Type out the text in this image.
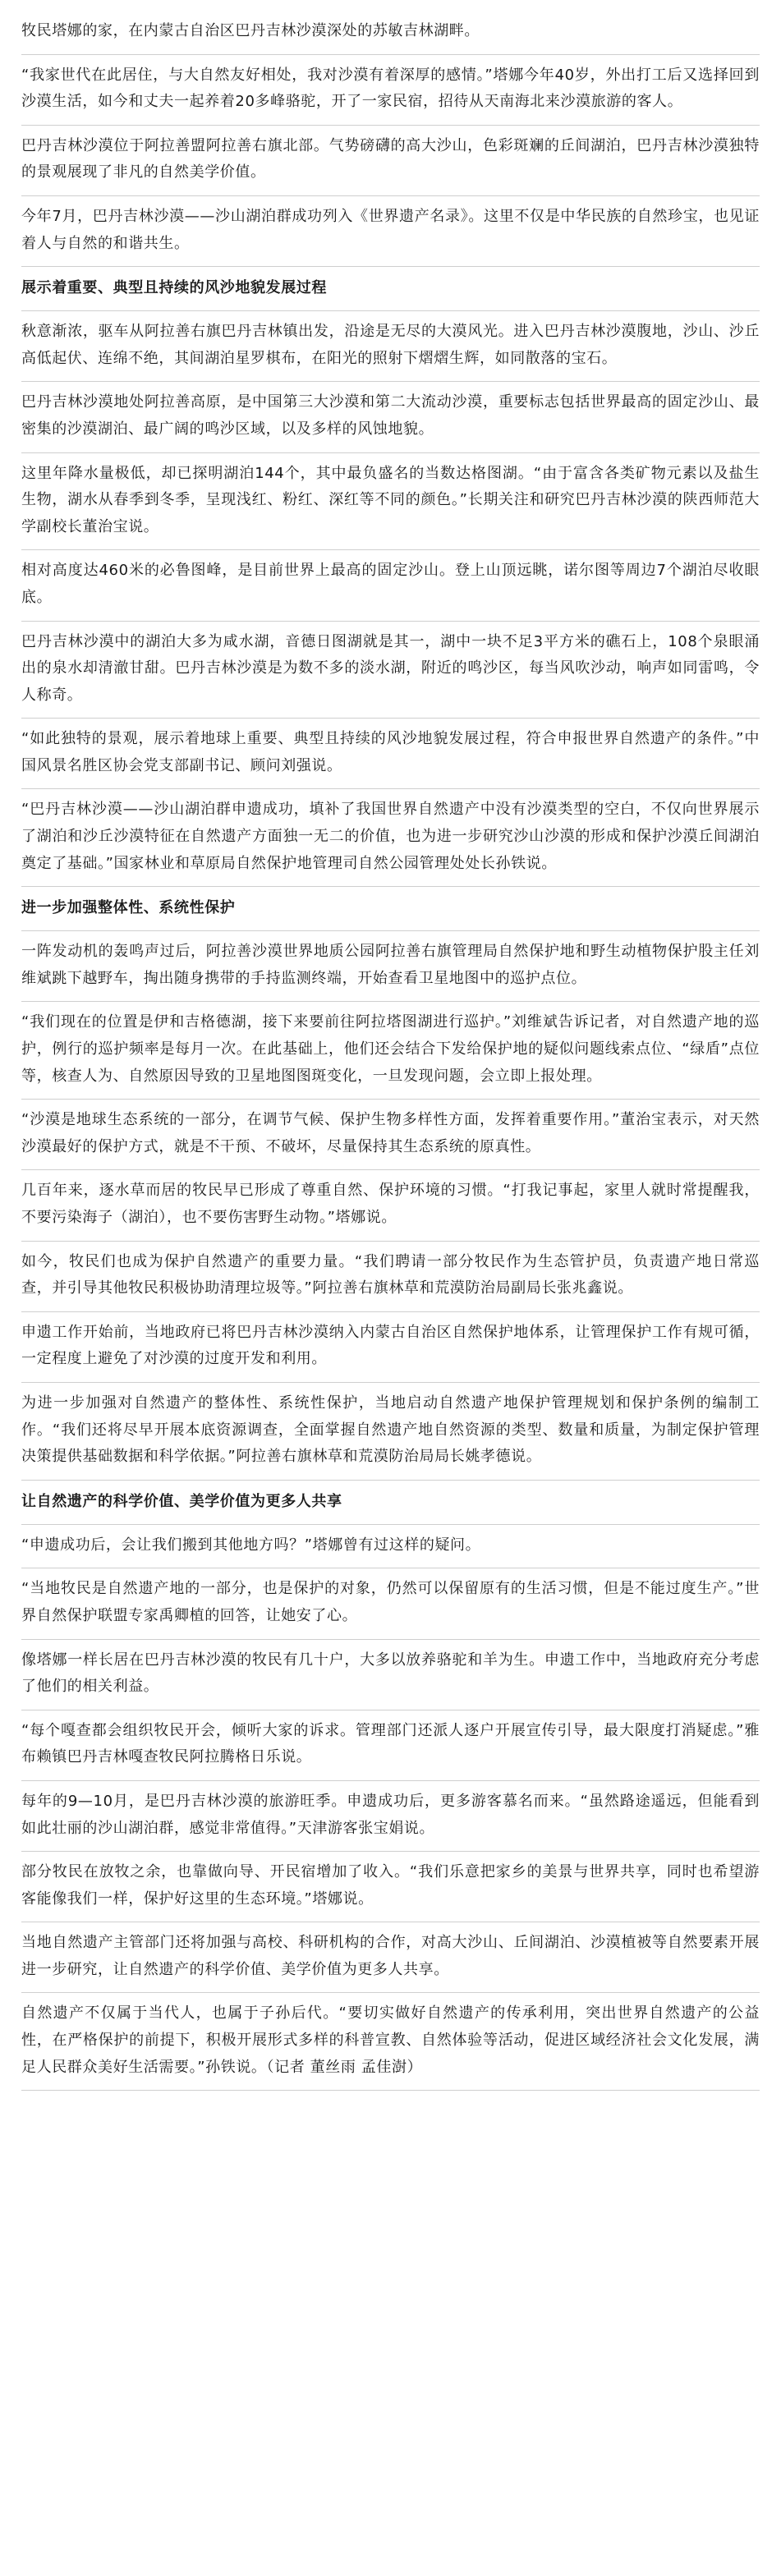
牧民塔娜的家，在内蒙古自治区巴丹吉林沙漠深处的苏敏吉林湖畔。
“我家世代在此居住，与大自然友好相处，我对沙漠有着深厚的感情。”塔娜今年40岁，外出打工后又选择回到沙漠生活，如今和丈夫一起养着20多峰骆驼，开了一家民宿，招待从天南海北来沙漠旅游的客人。
巴丹吉林沙漠位于阿拉善盟阿拉善右旗北部。气势磅礴的高大沙山，色彩斑斓的丘间湖泊，巴丹吉林沙漠独特的景观展现了非凡的自然美学价值。
今年7月，巴丹吉林沙漠——沙山湖泊群成功列入《世界遗产名录》。这里不仅是中华民族的自然珍宝，也见证着人与自然的和谐共生。
展示着重要、典型且持续的风沙地貌发展过程
秋意渐浓，驱车从阿拉善右旗巴丹吉林镇出发，沿途是无尽的大漠风光。进入巴丹吉林沙漠腹地，沙山、沙丘高低起伏、连绵不绝，其间湖泊星罗棋布，在阳光的照射下熠熠生辉，如同散落的宝石。
巴丹吉林沙漠地处阿拉善高原，是中国第三大沙漠和第二大流动沙漠，重要标志包括世界最高的固定沙山、最密集的沙漠湖泊、最广阔的鸣沙区域，以及多样的风蚀地貌。
这里年降水量极低，却已探明湖泊144个，其中最负盛名的当数达格图湖。“由于富含各类矿物元素以及盐生生物，湖水从春季到冬季，呈现浅红、粉红、深红等不同的颜色。”长期关注和研究巴丹吉林沙漠的陕西师范大学副校长董治宝说。
相对高度达460米的必鲁图峰，是目前世界上最高的固定沙山。登上山顶远眺，诺尔图等周边7个湖泊尽收眼底。
巴丹吉林沙漠中的湖泊大多为咸水湖，音德日图湖就是其一，湖中一块不足3平方米的礁石上，108个泉眼涌出的泉水却清澈甘甜。巴丹吉林沙漠是为数不多的淡水湖，附近的鸣沙区，每当风吹沙动，响声如同雷鸣，令人称奇。
“如此独特的景观，展示着地球上重要、典型且持续的风沙地貌发展过程，符合申报世界自然遗产的条件。”中国风景名胜区协会党支部副书记、顾问刘强说。
“巴丹吉林沙漠——沙山湖泊群申遗成功，填补了我国世界自然遗产中没有沙漠类型的空白，不仅向世界展示了湖泊和沙丘沙漠特征在自然遗产方面独一无二的价值，也为进一步研究沙山沙漠的形成和保护沙漠丘间湖泊奠定了基础。”国家林业和草原局自然保护地管理司自然公园管理处处长孙铁说。
进一步加强整体性、系统性保护
一阵发动机的轰鸣声过后，阿拉善沙漠世界地质公园阿拉善右旗管理局自然保护地和野生动植物保护股主任刘维斌跳下越野车，掏出随身携带的手持监测终端，开始查看卫星地图中的巡护点位。
“我们现在的位置是伊和吉格德湖，接下来要前往阿拉塔图湖进行巡护。”刘维斌告诉记者，对自然遗产地的巡护，例行的巡护频率是每月一次。在此基础上，他们还会结合下发给保护地的疑似问题线索点位、“绿盾”点位等，核查人为、自然原因导致的卫星地图图斑变化，一旦发现问题，会立即上报处理。
“沙漠是地球生态系统的一部分，在调节气候、保护生物多样性方面，发挥着重要作用。”董治宝表示，对天然沙漠最好的保护方式，就是不干预、不破坏，尽量保持其生态系统的原真性。
几百年来，逐水草而居的牧民早已形成了尊重自然、保护环境的习惯。“打我记事起，家里人就时常提醒我，不要污染海子（湖泊），也不要伤害野生动物。”塔娜说。
如今，牧民们也成为保护自然遗产的重要力量。“我们聘请一部分牧民作为生态管护员，负责遗产地日常巡查，并引导其他牧民积极协助清理垃圾等。”阿拉善右旗林草和荒漠防治局副局长张兆鑫说。
申遗工作开始前，当地政府已将巴丹吉林沙漠纳入内蒙古自治区自然保护地体系，让管理保护工作有规可循，一定程度上避免了对沙漠的过度开发和利用。
为进一步加强对自然遗产的整体性、系统性保护，当地启动自然遗产地保护管理规划和保护条例的编制工作。“我们还将尽早开展本底资源调查，全面掌握自然遗产地自然资源的类型、数量和质量，为制定保护管理决策提供基础数据和科学依据。”阿拉善右旗林草和荒漠防治局局长姚孝德说。
让自然遗产的科学价值、美学价值为更多人共享
“申遗成功后，会让我们搬到其他地方吗？”塔娜曾有过这样的疑问。
“当地牧民是自然遗产地的一部分，也是保护的对象，仍然可以保留原有的生活习惯，但是不能过度生产。”世界自然保护联盟专家禹卿植的回答，让她安了心。
像塔娜一样长居在巴丹吉林沙漠的牧民有几十户，大多以放养骆驼和羊为生。申遗工作中，当地政府充分考虑了他们的相关利益。
“每个嘎查都会组织牧民开会，倾听大家的诉求。管理部门还派人逐户开展宣传引导，最大限度打消疑虑。”雅布赖镇巴丹吉林嘎查牧民阿拉腾格日乐说。
每年的9—10月，是巴丹吉林沙漠的旅游旺季。申遗成功后，更多游客慕名而来。“虽然路途遥远，但能看到如此壮丽的沙山湖泊群，感觉非常值得。”天津游客张宝娟说。
部分牧民在放牧之余，也靠做向导、开民宿增加了收入。“我们乐意把家乡的美景与世界共享，同时也希望游客能像我们一样，保护好这里的生态环境。”塔娜说。
当地自然遗产主管部门还将加强与高校、科研机构的合作，对高大沙山、丘间湖泊、沙漠植被等自然要素开展进一步研究，让自然遗产的科学价值、美学价值为更多人共享。
自然遗产不仅属于当代人，也属于子孙后代。“要切实做好自然遗产的传承利用，突出世界自然遗产的公益性，在严格保护的前提下，积极开展形式多样的科普宣教、自然体验等活动，促进区域经济社会文化发展，满足人民群众美好生活需要。”孙铁说。（记者 董丝雨 孟佳澍）
